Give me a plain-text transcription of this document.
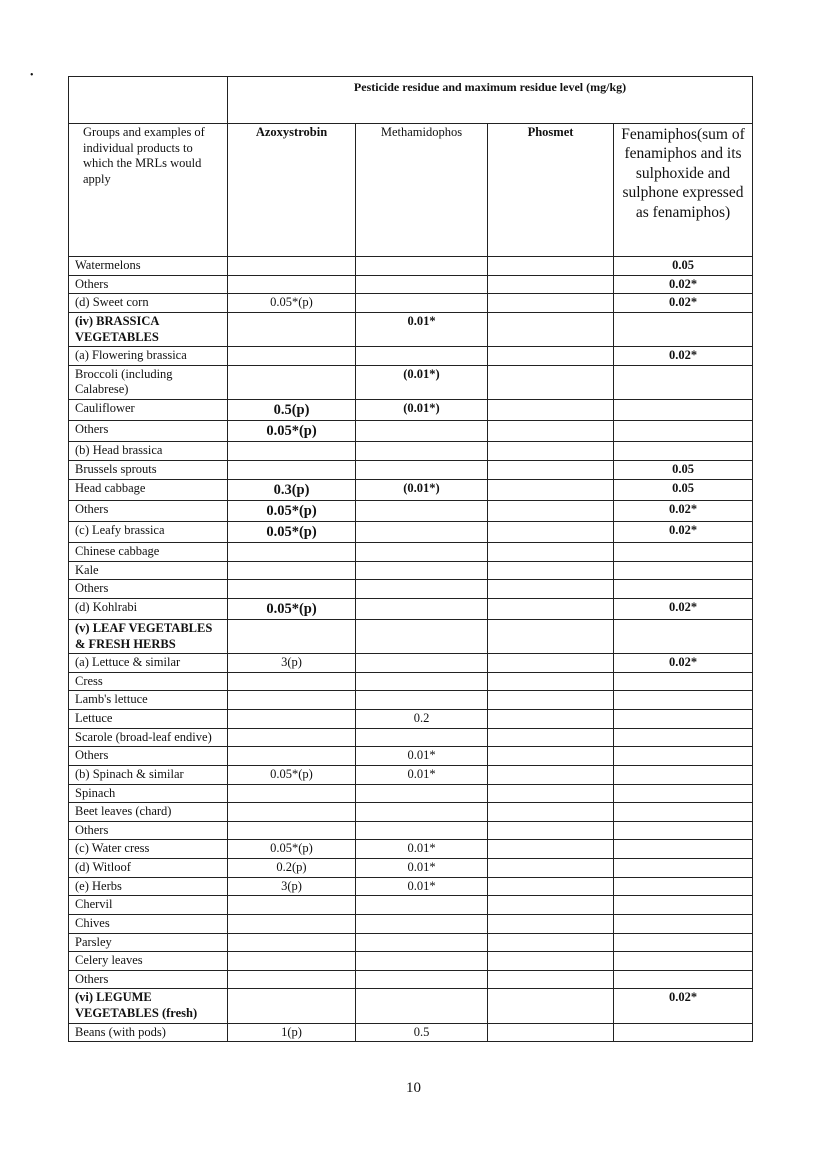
•
	Pesticide residue and maximum residue level (mg/kg)			
Groups and examples of individual products to which the MRLs would apply	Azoxystrobin	Methamidophos	Phosmet	Fenamiphos(sum of fenamiphos and its sulphoxide and sulphone expressed as fenamiphos)
Watermelons				0.05
Others				0.02*
(d) Sweet corn	0.05*(p)			0.02*
(iv) BRASSICA VEGETABLES		0.01*		
(a) Flowering brassica				0.02*
Broccoli (including Calabrese)		(0.01*)		
Cauliflower	0.5(p)	(0.01*)		
Others	0.05*(p)			
(b) Head brassica				
Brussels sprouts				0.05
Head cabbage	0.3(p)	(0.01*)		0.05
Others	0.05*(p)			0.02*
(c) Leafy brassica	0.05*(p)			0.02*
Chinese cabbage				
Kale				
Others				
(d) Kohlrabi	0.05*(p)			0.02*
(v) LEAF VEGETABLES & FRESH HERBS				
(a) Lettuce & similar	3(p)			0.02*
Cress				
Lamb's lettuce				
Lettuce		0.2		
Scarole (broad-leaf endive)				
Others		0.01*		
(b) Spinach & similar	0.05*(p)	0.01*		
Spinach				
Beet leaves (chard)				
Others				
(c) Water cress	0.05*(p)	0.01*		
(d) Witloof	0.2(p)	0.01*		
(e) Herbs	3(p)	0.01*		
Chervil				
Chives				
Parsley				
Celery leaves				
Others				
(vi) LEGUME VEGETABLES (fresh)				0.02*
Beans (with pods)	1(p)	0.5		
10
